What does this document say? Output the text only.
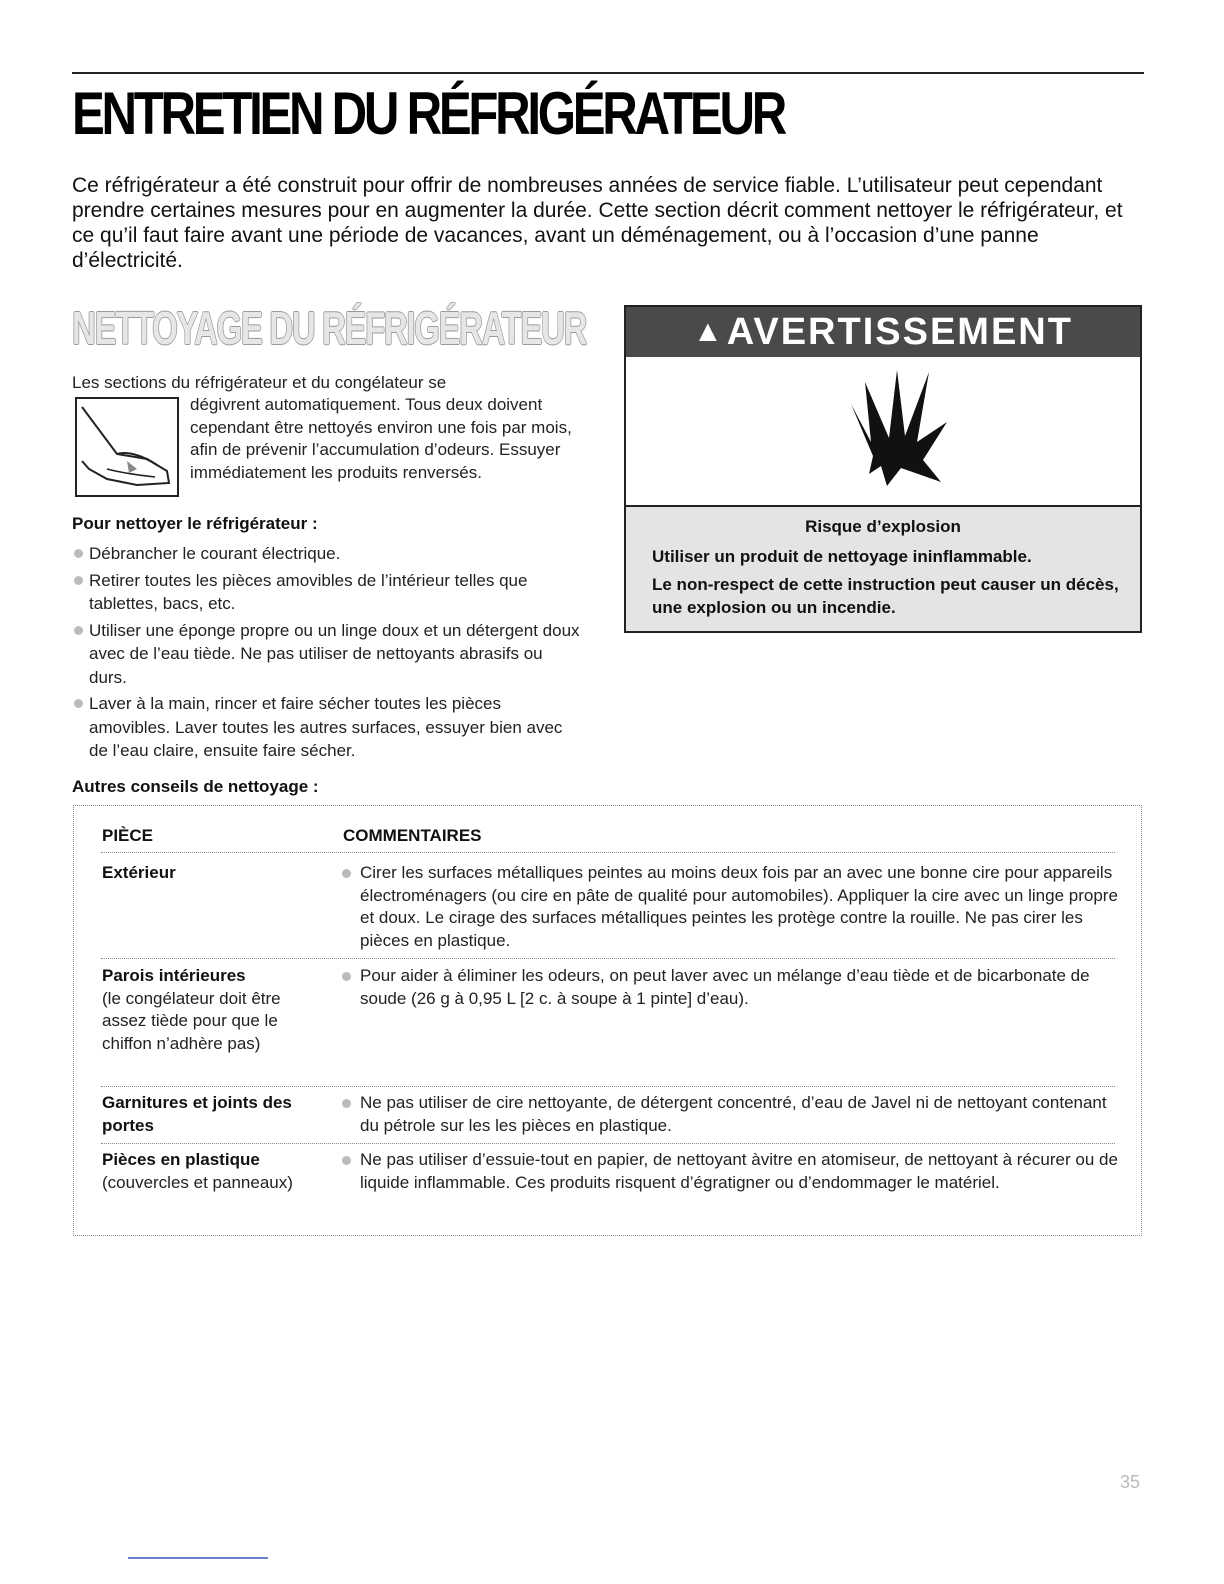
ENTRETIEN DU RÉFRIGÉRATEUR

Ce réfrigérateur a été construit pour offrir de nombreuses années de service fiable. L’utilisateur peut cependant prendre certaines mesures pour en augmenter la durée. Cette section décrit comment nettoyer le réfrigérateur, et ce qu’il faut faire avant une période de vacances, avant un déménagement, ou à l’occasion d’une panne d’électricité.

NETTOYAGE DU RÉFRIGÉRATEUR

Les sections du réfrigérateur et du congélateur se

dégivrent automatiquement. Tous deux doivent cependant être nettoyés environ une fois par mois, afin de prévenir l’accumulation d’odeurs. Essuyer immédiatement les produits renversés.

Pour nettoyer le réfrigérateur :

Débrancher le courant électrique.
Retirer toutes les pièces amovibles de l’intérieur telles que tablettes, bacs, etc.
Utiliser une éponge propre ou un linge doux et un détergent doux avec de l’eau tiède. Ne pas utiliser de nettoyants abrasifs ou durs.
Laver à la main, rincer et faire sécher toutes les pièces amovibles. Laver toutes les autres surfaces, essuyer bien avec de l’eau claire, ensuite faire sécher.

Autres conseils de nettoyage :

▲ AVERTISSEMENT

Risque d’explosion

Utiliser un produit de nettoyage ininflammable.

Le non-respect de cette instruction peut causer un décès, une explosion ou un incendie.

PIÈCE	COMMENTAIRES
Extérieur	Cirer les surfaces métalliques peintes au moins deux fois par an avec une bonne cire pour appareils électroménagers (ou cire en pâte de qualité pour automobiles). Appliquer la cire avec un linge propre et doux. Le cirage des surfaces métalliques peintes les protège contre la rouille. Ne pas cirer les pièces en plastique.
Parois intérieures
(le congélateur doit être assez tiède pour que le chiffon n’adhère pas)
Pour aider à éliminer les odeurs, on peut laver avec un mélange d’eau tiède et de bicarbonate de soude (26 g à 0,95 L [2 c. à soupe à 1 pinte] d’eau).
Garnitures et joints des portes
Ne pas utiliser de cire nettoyante, de détergent concentré, d’eau de Javel ni de nettoyant contenant du pétrole sur les les pièces en plastique.
Pièces en plastique
(couvercles et panneaux)
Ne pas utiliser d’essuie-tout en papier, de nettoyant àvitre en atomiseur, de nettoyant à récurer ou de liquide inflammable. Ces produits risquent d’égratigner ou d’endommager le matériel.
35
